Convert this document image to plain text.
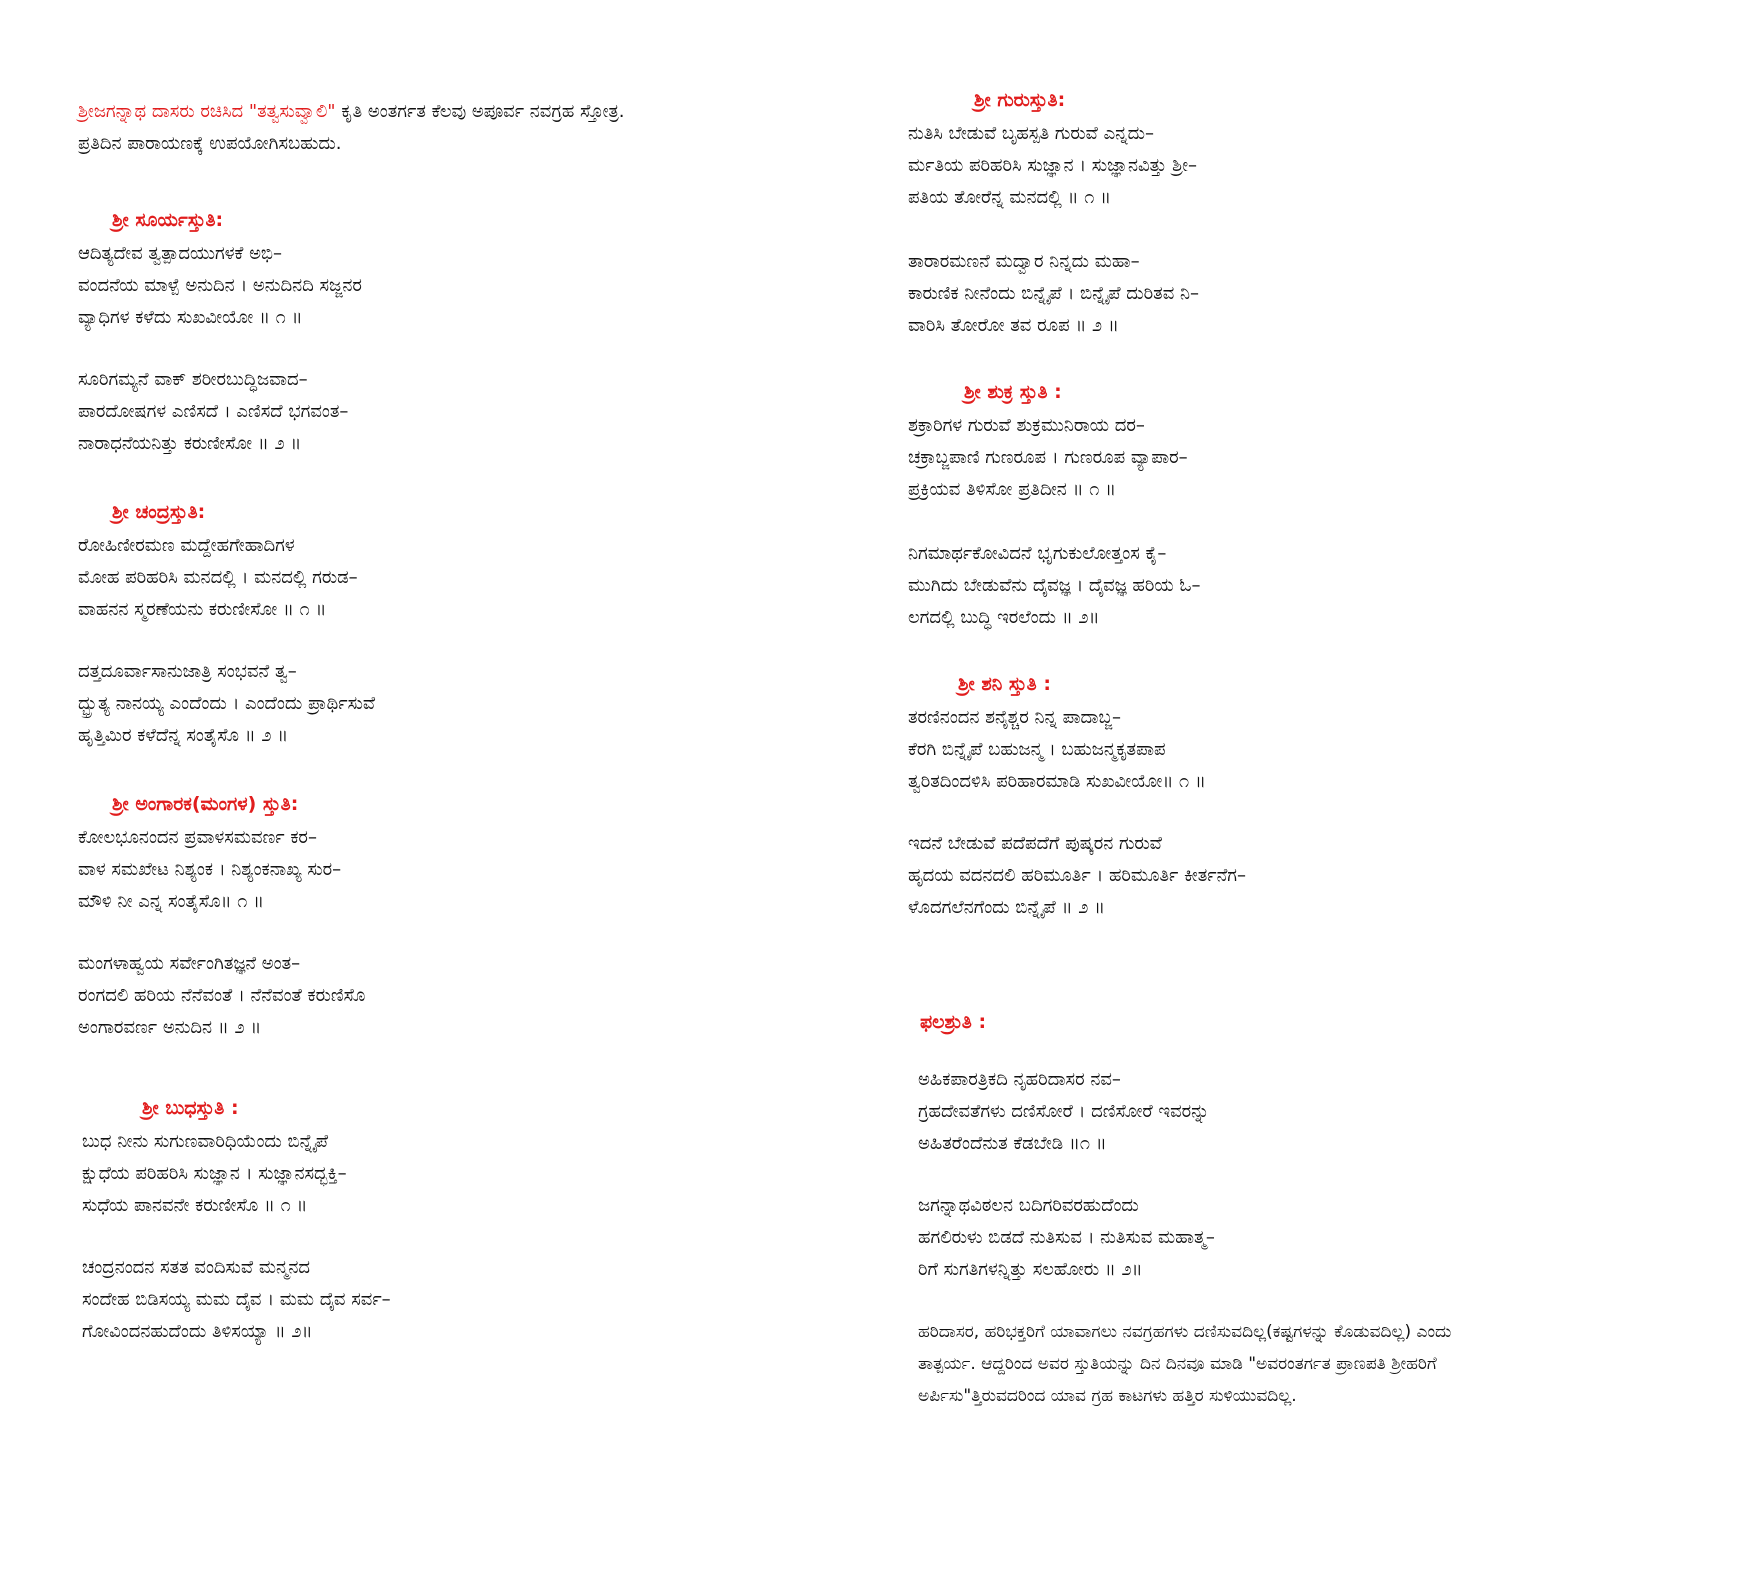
ಶ್ರೀಜಗನ್ನಾಥ ದಾಸರು ರಚಿಸಿದ "ತತ್ವಸುವ್ವಾಲಿ" ಕೃತಿ ಅಂತರ್ಗತ ಕೆಲವು ಅಪೂರ್ವ ನವಗ್ರಹ ಸ್ತೋತ್ರ.
ಪ್ರತಿದಿನ ಪಾರಾಯಣಕ್ಕೆ ಉಪಯೋಗಿಸಬಹುದು.
ಶ್ರೀ ಸೂರ್ಯಸ್ತುತಿ:
ಆದಿತ್ಯದೇವ ತ್ವತ್ಪಾದಯುಗಳಕೆ ಅಭಿ–
ವಂದನೆಯ ಮಾಳ್ಪೆ ಅನುದಿನ । ಅನುದಿನದಿ ಸಜ್ಜನರ
ವ್ಯಾಧಿಗಳ ಕಳೆದು ಸುಖವೀಯೋ ॥ ೧ ॥
ಸೂರಿಗಮ್ಯನೆ ವಾಕ್ ಶರೀರಬುದ್ಧಿಜವಾದ–
ಪಾರದೋಷಗಳ ಎಣಿಸದೆ । ಎಣಿಸದೆ ಭಗವಂತ–
ನಾರಾಧನೆಯನಿತ್ತು ಕರುಣೀಸೋ ॥ ೨ ॥
ಶ್ರೀ ಚಂದ್ರಸ್ತುತಿ:
ರೋಹಿಣೀರಮಣ ಮದ್ದೇಹಗೇಹಾದಿಗಳ
ಮೋಹ ಪರಿಹರಿಸಿ ಮನದಲ್ಲಿ । ಮನದಲ್ಲಿ ಗರುಡ–
ವಾಹನನ ಸ್ಮರಣೆಯನು ಕರುಣೀಸೋ ॥ ೧ ॥
ದತ್ತದೂರ್ವಾಸಾನುಜಾತ್ರಿ ಸಂಭವನೆ ತ್ವ–
ದ್ಭ್ರುತ್ಯ ನಾನಯ್ಯ ಎಂದೆಂದು । ಎಂದೆಂದು ಪ್ರಾರ್ಥಿಸುವೆ
ಹೃತ್ತಿಮಿರ ಕಳೆದೆನ್ನ ಸಂತೈಸೊ ॥ ೨ ॥
ಶ್ರೀ ಅಂಗಾರಕ(ಮಂಗಳ) ಸ್ತುತಿ:
ಕೋಲಭೂನಂದನ ಪ್ರವಾಳಸಮವರ್ಣ ಕರ–
ವಾಳ ಸಮಖೇಟ ನಿಶ್ಯಂಕ । ನಿಶ್ಯಂಕನಾಖ್ಯ ಸುರ–
ಮೌಳಿ ನೀ ಎನ್ನ ಸಂತೈಸೊ॥ ೧ ॥
ಮಂಗಳಾಹ್ವಯ ಸರ್ವೇಂಗಿತಜ್ಞನೆ ಅಂತ–
ರಂಗದಲಿ ಹರಿಯ ನೆನೆವಂತೆ । ನೆನೆವಂತೆ ಕರುಣಿಸೊ
ಅಂಗಾರವರ್ಣ ಅನುದಿನ ॥ ೨ ॥
ಶ್ರೀ ಬುಧಸ್ತುತಿ :
ಬುಧ ನೀನು ಸುಗುಣವಾರಿಧಿಯೆಂದು ಬಿನ್ನೈಪೆ
ಕ್ಷುಧೆಯ ಪರಿಹರಿಸಿ ಸುಜ್ಞಾನ । ಸುಜ್ಞಾನಸದ್ಭಕ್ತಿ–
ಸುಧೆಯ ಪಾನವನೇ ಕರುಣೀಸೊ ॥ ೧ ॥
ಚಂದ್ರನಂದನ ಸತತ ವಂದಿಸುವೆ ಮನ್ಮನದ
ಸಂದೇಹ ಬಿಡಿಸಯ್ಯ ಮಮ ದೈವ । ಮಮ ದೈವ ಸರ್ವ–
ಗೋವಿಂದನಹುದೆಂದು ತಿಳಿಸಯ್ಯಾ ॥ ೨॥
ಶ್ರೀ ಗುರುಸ್ತುತಿ:
ನುತಿಸಿ ಬೇಡುವೆ ಬೃಹಸ್ಪತಿ ಗುರುವೆ ಎನ್ನದು–
ರ್ಮತಿಯ ಪರಿಹರಿಸಿ ಸುಜ್ಞಾನ । ಸುಜ್ಞಾನವಿತ್ತು ಶ್ರೀ–
ಪತಿಯ ತೋರೆನ್ನ ಮನದಲ್ಲಿ ॥ ೧ ॥
ತಾರಾರಮಣನೆ ಮದ್ವಾರ ನಿನ್ನದು ಮಹಾ–
ಕಾರುಣಿಕ ನೀನೆಂದು ಬಿನ್ನೈಪೆ । ಬಿನ್ನೈಪೆ ದುರಿತವ ನಿ–
ವಾರಿಸಿ ತೋರೋ ತವ ರೂಪ ॥ ೨ ॥
ಶ್ರೀ ಶುಕ್ರ ಸ್ತುತಿ :
ಶಕ್ರಾರಿಗಳ ಗುರುವೆ ಶುಕ್ರಮುನಿರಾಯ ದರ–
ಚಕ್ರಾಬ್ಜಪಾಣಿ ಗುಣರೂಪ । ಗುಣರೂಪ ವ್ಯಾಪಾರ–
ಪ್ರಕ್ರಿಯವ ತಿಳಿಸೋ ಪ್ರತಿದೀನ ॥ ೧ ॥
ನಿಗಮಾರ್ಥಕೋವಿದನೆ ಭೃಗುಕುಲೋತ್ತಂಸ ಕೈ–
ಮುಗಿದು ಬೇಡುವೆನು ದೈವಜ್ಞ । ದೈವಜ್ಞ ಹರಿಯ ಓ–
ಲಗದಲ್ಲಿ ಬುದ್ಧಿ ಇರಲೆಂದು ॥ ೨॥
ಶ್ರೀ ಶನಿ ಸ್ತುತಿ :
ತರಣಿನಂದನ ಶನೈಶ್ಚರ ನಿನ್ನ ಪಾದಾಬ್ಜ–
ಕೆರಗಿ ಬಿನ್ನೈಪೆ ಬಹುಜನ್ಮ । ಬಹುಜನ್ಮಕೃತಪಾಪ
ತ್ವರಿತದಿಂದಳಿಸಿ ಪರಿಹಾರಮಾಡಿ ಸುಖವೀಯೋ॥ ೧ ॥
ಇದನೆ ಬೇಡುವೆ ಪದೆಪದೆಗೆ ಪುಷ್ಕರನ ಗುರುವೆ
ಹೃದಯ ವದನದಲಿ ಹರಿಮೂರ್ತಿ । ಹರಿಮೂರ್ತಿ ಕೀರ್ತನೆಗ–
ಳೊದಗಲೆನಗೆಂದು ಬಿನ್ನೈಪೆ ॥ ೨ ॥
ಫಲಶ್ರುತಿ :
ಅಹಿಕಪಾರತ್ರಿಕದಿ ನೃಹರಿದಾಸರ ನವ–
ಗ್ರಹದೇವತೆಗಳು ದಣಿಸೋರೆ । ದಣಿಸೋರೆ ಇವರನ್ನು
ಅಹಿತರೆಂದೆನುತ ಕೆಡಬೇಡಿ ॥೧ ॥
ಜಗನ್ನಾಥವಿಠಲನ ಬದಿಗರಿವರಹುದೆಂದು
ಹಗಲಿರುಳು ಬಿಡದೆ ನುತಿಸುವ । ನುತಿಸುವ ಮಹಾತ್ಮ–
ರಿಗೆ ಸುಗತಿಗಳನ್ನಿತ್ತು ಸಲಹೋರು ॥ ೨॥
ಹರಿದಾಸರ, ಹರಿಭಕ್ತರಿಗೆ ಯಾವಾಗಲು ನವಗ್ರಹಗಳು ದಣಿಸುವದಿಲ್ಲ(ಕಷ್ಟಗಳನ್ನು ಕೊಡುವದಿಲ್ಲ) ಎಂದು
ತಾತ್ಪರ್ಯ. ಆದ್ದರಿಂದ ಅವರ ಸ್ತುತಿಯನ್ನು ದಿನ ದಿನವೂ ಮಾಡಿ "ಅವರಂತರ್ಗತ ಪ್ರಾಣಪತಿ ಶ್ರೀಹರಿಗೆ
ಅರ್ಪಿಸು"ತ್ತಿರುವದರಿಂದ ಯಾವ ಗ್ರಹ ಕಾಟಗಳು ಹತ್ತಿರ ಸುಳಿಯುವದಿಲ್ಲ.
